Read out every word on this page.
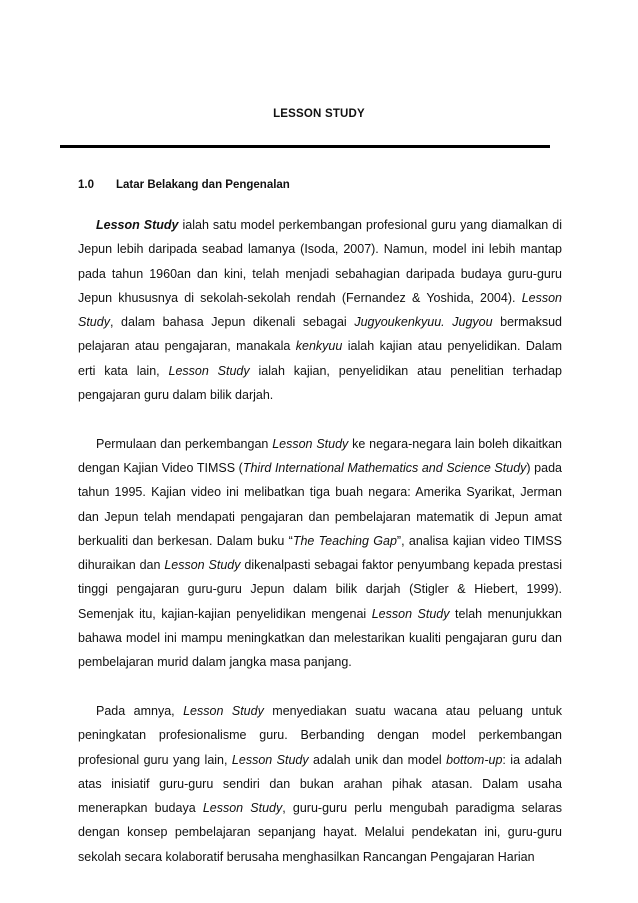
LESSON STUDY
1.0 Latar Belakang dan Pengenalan

Lesson Study ialah satu model perkembangan profesional guru yang diamalkan di Jepun lebih daripada seabad lamanya (Isoda, 2007). Namun, model ini lebih mantap pada tahun 1960an dan kini, telah menjadi sebahagian daripada budaya guru-guru Jepun khususnya di sekolah-sekolah rendah (Fernandez & Yoshida, 2004). Lesson Study, dalam bahasa Jepun dikenali sebagai Jugyoukenkyuu. Jugyou bermaksud pelajaran atau pengajaran, manakala kenkyuu ialah kajian atau penyelidikan. Dalam erti kata lain, Lesson Study ialah kajian, penyelidikan atau penelitian terhadap pengajaran guru dalam bilik darjah.

Permulaan dan perkembangan Lesson Study ke negara-negara lain boleh dikaitkan dengan Kajian Video TIMSS (Third International Mathematics and Science Study) pada tahun 1995. Kajian video ini melibatkan tiga buah negara: Amerika Syarikat, Jerman dan Jepun telah mendapati pengajaran dan pembelajaran matematik di Jepun amat berkualiti dan berkesan. Dalam buku “The Teaching Gap”, analisa kajian video TIMSS dihuraikan dan Lesson Study dikenalpasti sebagai faktor penyumbang kepada prestasi tinggi pengajaran guru-guru Jepun dalam bilik darjah (Stigler & Hiebert, 1999). Semenjak itu, kajian-kajian penyelidikan mengenai Lesson Study telah menunjukkan bahawa model ini mampu meningkatkan dan melestarikan kualiti pengajaran guru dan pembelajaran murid dalam jangka masa panjang.

Pada amnya, Lesson Study menyediakan suatu wacana atau peluang untuk peningkatan profesionalisme guru. Berbanding dengan model perkembangan profesional guru yang lain, Lesson Study adalah unik dan model bottom-up: ia adalah atas inisiatif guru-guru sendiri dan bukan arahan pihak atasan. Dalam usaha menerapkan budaya Lesson Study, guru-guru perlu mengubah paradigma selaras dengan konsep pembelajaran sepanjang hayat. Melalui pendekatan ini, guru-guru sekolah secara kolaboratif berusaha menghasilkan Rancangan Pengajaran Harian
